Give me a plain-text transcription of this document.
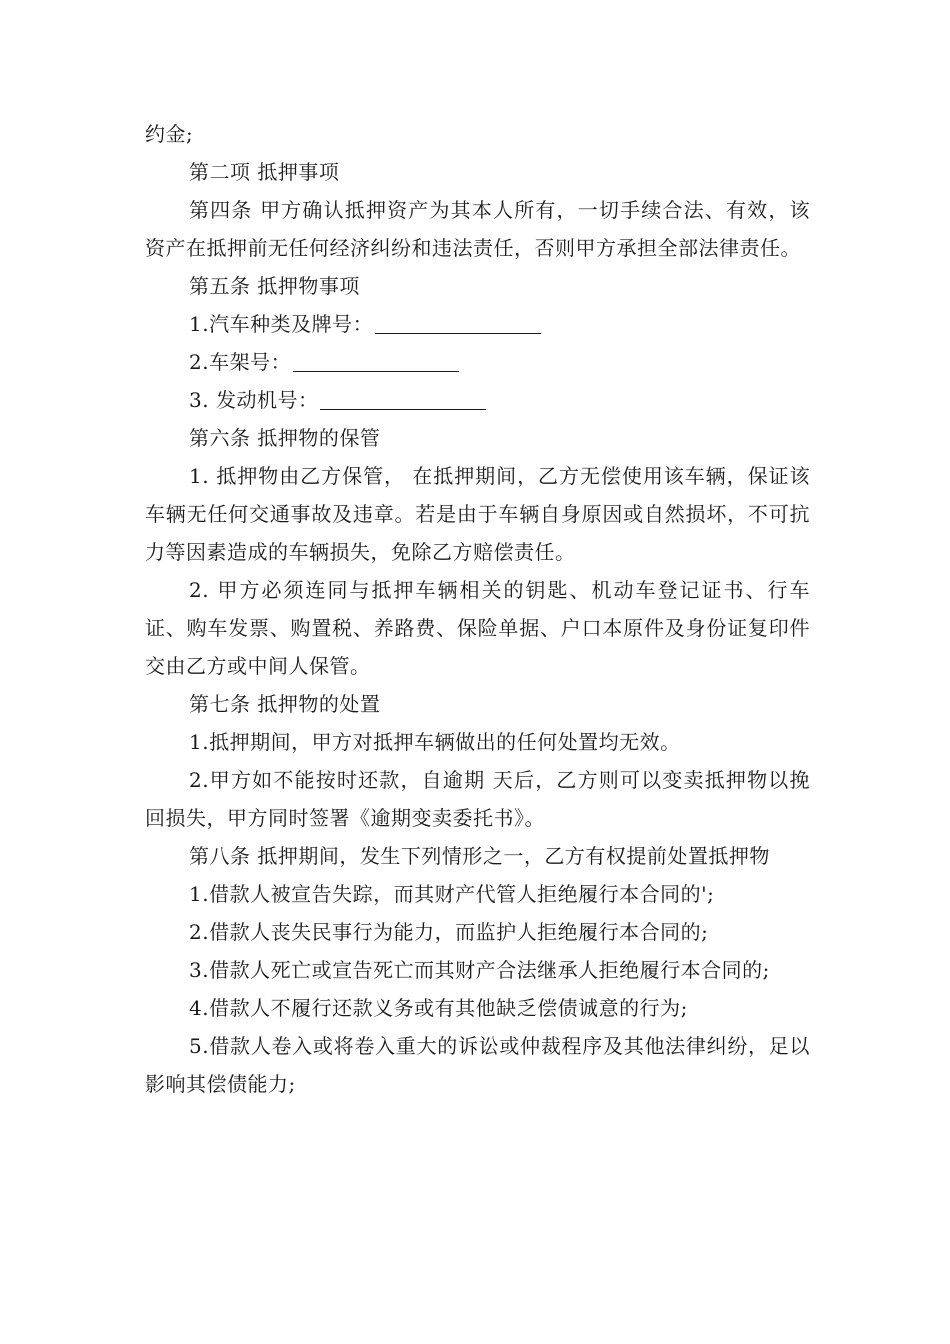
约金;

第二项 抵押事项

第四条 甲方确认抵押资产为其本人所有，一切手续合法、有效，该资产在抵押前无任何经济纠纷和违法责任，否则甲方承担全部法律责任。

第五条 抵押物事项

1.汽车种类及牌号：

2.车架号：

3. 发动机号：

第六条 抵押物的保管

1. 抵押物由乙方保管， 在抵押期间，乙方无偿使用该车辆，保证该车辆无任何交通事故及违章。若是由于车辆自身原因或自然损坏，不可抗力等因素造成的车辆损失，免除乙方赔偿责任。

2. 甲方必须连同与抵押车辆相关的钥匙、机动车登记证书、行车证、购车发票、购置税、养路费、保险单据、户口本原件及身份证复印件交由乙方或中间人保管。

第七条 抵押物的处置

1.抵押期间，甲方对抵押车辆做出的任何处置均无效。

2.甲方如不能按时还款，自逾期 天后，乙方则可以变卖抵押物以挽回损失，甲方同时签署《逾期变卖委托书》。

第八条 抵押期间，发生下列情形之一，乙方有权提前处置抵押物

1.借款人被宣告失踪，而其财产代管人拒绝履行本合同的';

2.借款人丧失民事行为能力，而监护人拒绝履行本合同的;

3.借款人死亡或宣告死亡而其财产合法继承人拒绝履行本合同的;

4.借款人不履行还款义务或有其他缺乏偿债诚意的行为;

5.借款人卷入或将卷入重大的诉讼或仲裁程序及其他法律纠纷，足以影响其偿债能力;
